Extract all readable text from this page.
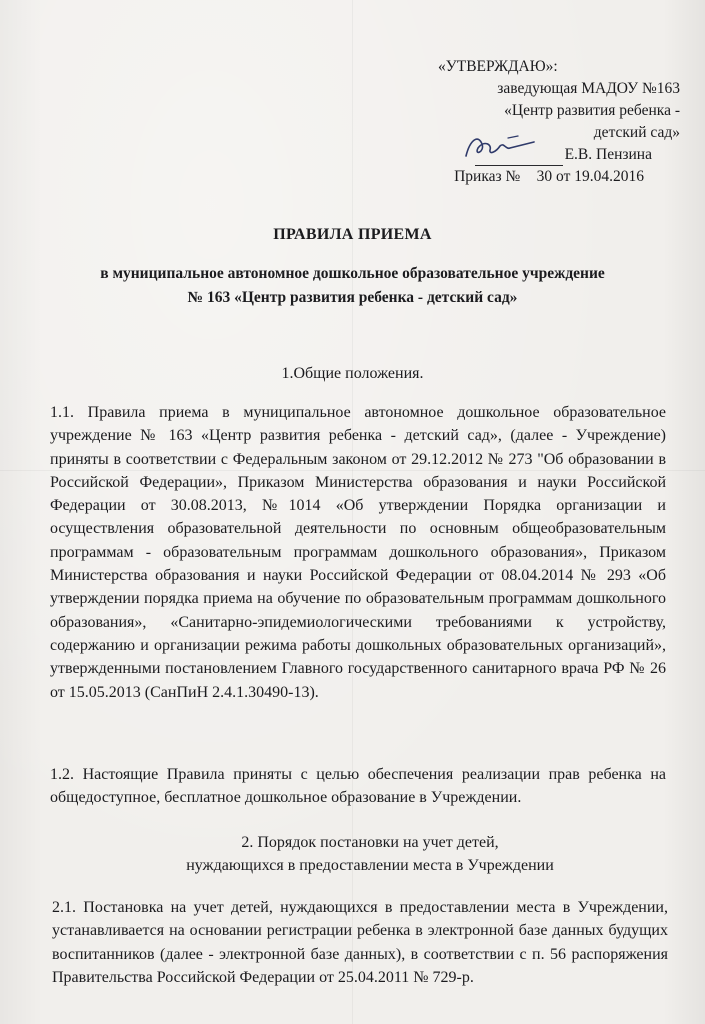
«УТВЕРЖДАЮ»:
заведующая МАДОУ №163
«Центр развития ребенка -
детский сад»
Е.В. Пензина
Приказ № 30 от 19.04.2016
ПРАВИЛА ПРИЕМА
в муниципальное автономное дошкольное образовательное учреждение
№ 163 «Центр развития ребенка - детский сад»
1.Общие положения.
1.1. Правила приема в муниципальное автономное дошкольное образовательное учреждение № 163 «Центр развития ребенка - детский сад», (далее - Учреждение) приняты в соответствии с Федеральным законом от 29.12.2012 № 273 "Об образовании в Российской Федерации», Приказом Министерства образования и науки Российской Федерации от 30.08.2013, №1014 «Об утверждении Порядка организации и осуществления образовательной деятельности по основным общеобразовательным программам - образовательным программам дошкольного образования», Приказом Министерства образования и науки Российской Федерации от 08.04.2014 № 293 «Об утверждении порядка приема на обучение по образовательным программам дошкольного образования», «Санитарно-эпидемиологическими требованиями к устройству, содержанию и организации режима работы дошкольных образовательных организаций», утвержденными постановлением Главного государственного санитарного врача РФ № 26 от 15.05.2013 (СанПиН 2.4.1.30490-13).
1.2. Настоящие Правила приняты с целью обеспечения реализации прав ребенка на общедоступное, бесплатное дошкольное образование в Учреждении.
2. Порядок постановки на учет детей,
нуждающихся в предоставлении места в Учреждении
2.1. Постановка на учет детей, нуждающихся в предоставлении места в Учреждении, устанавливается на основании регистрации ребенка в электронной базе данных будущих воспитанников (далее - электронной базе данных), в соответствии с п. 56 распоряжения Правительства Российской Федерации от 25.04.2011 № 729-р.
